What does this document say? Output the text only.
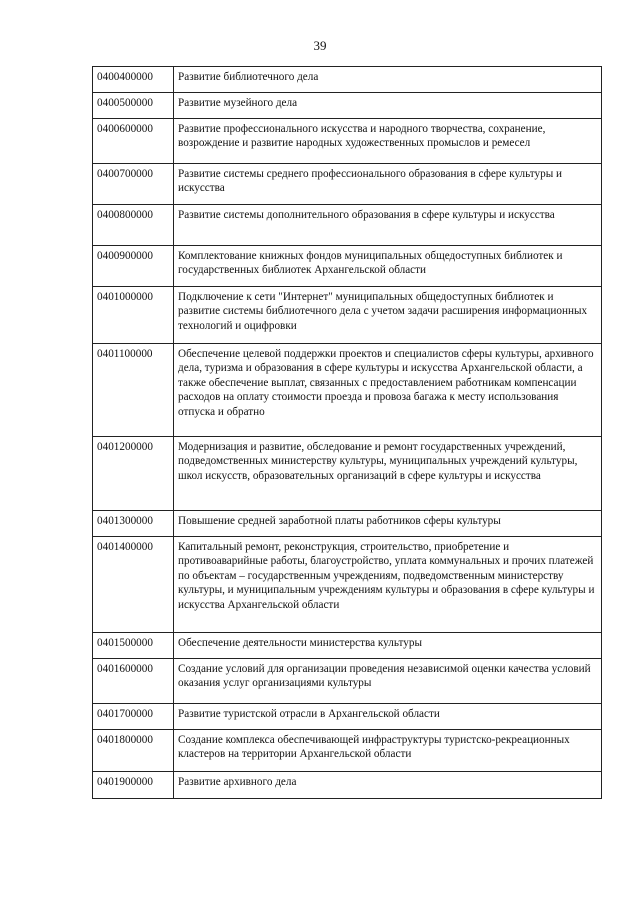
39
0400400000	Развитие библиотечного дела
0400500000	Развитие музейного дела
0400600000	Развитие профессионального искусства и народного творчества, сохранение, возрождение и развитие народных художественных промыслов и ремесел
0400700000	Развитие системы среднего профессионального образования в сфере культуры и искусства
0400800000	Развитие системы дополнительного образования в сфере культуры и искусства
0400900000	Комплектование книжных фондов муниципальных общедоступных библиотек и государственных библиотек Архангельской области
0401000000	Подключение к сети "Интернет" муниципальных общедоступных библиотек и развитие системы библиотечного дела с учетом задачи расширения информационных технологий и оцифровки
0401100000	Обеспечение целевой поддержки проектов и специалистов сферы культуры, архивного дела, туризма и образования в сфере культуры и искусства Архангельской области, а также обеспечение выплат, связанных с предоставлением работникам компенсации расходов на оплату стоимости проезда и провоза багажа к месту использования отпуска и обратно
0401200000	Модернизация и развитие, обследование и ремонт государственных учреждений, подведомственных министерству культуры, муниципальных учреждений культуры, школ искусств, образовательных организаций в сфере культуры и искусства
0401300000	Повышение средней заработной платы работников сферы культуры
0401400000	Капитальный ремонт, реконструкция, строительство, приобретение и противоаварийные работы, благоустройство, уплата коммунальных и прочих платежей по объектам – государственным учреждениям, подведомственным министерству культуры, и муниципальным учреждениям культуры и образования в сфере культуры и искусства Архангельской области
0401500000	Обеспечение деятельности министерства культуры
0401600000	Создание условий для организации проведения независимой оценки качества условий оказания услуг организациями культуры
0401700000	Развитие туристской отрасли в Архангельской области
0401800000	Создание комплекса обеспечивающей инфраструктуры туристско-рекреационных кластеров на территории Архангельской области
0401900000	Развитие архивного дела
